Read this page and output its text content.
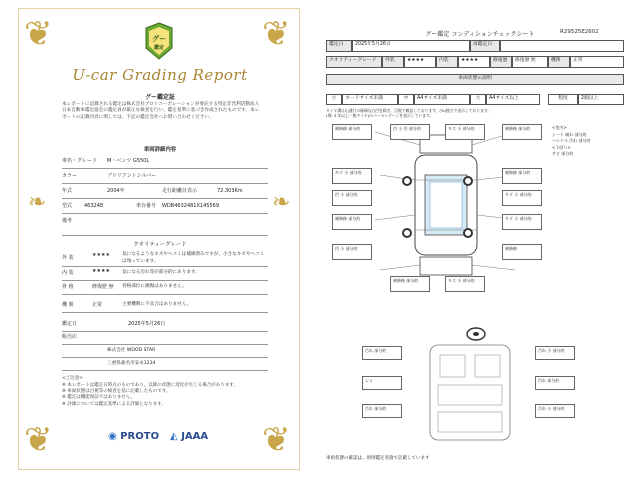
❦	❦
❦	❦
❧	❧
グー
鑑定
U-car Grading Report
グー鑑定証
本レポートに記載される鑑定は株式会社プロトコーポレーションが委託する特定非営利活動法人日本自動車鑑定協会の鑑定員が厳正な検査を行い、鑑定基準に基づき作成されたものです。本レポートの記載内容に関しては、下記の鑑定会社へお問い合わせください。
車両詳細内容
車名・グレード M・ベンツ G550L
カラー	ブリリアントシルバー
年式	2004年	走行距離計表示	72,303Km
型式 463248	車台番号 WDB4632481X145569
備考
クオリティーグレード
外 装	★★★★	気になるようなキズやヘコミは補修済みですが、小さなキズやヘコミは残っています。
内 装	★★★★	気になる汚れ等が部分的にあります。
骨 格	修復歴 無 骨格部位に損傷はありません。
機 関	正常	主要機関に不具合はありません。
鑑定日	2025年5月26日
販売店
株式会社 WOOD STAR
三重県桑名市安永1234
<ご注意>
※ 本レポートは鑑定日時点のものであり、以降の状態に変化が生じる場合があります。
※ 車両状態は目視等の検査を基に記載したものです。
※ 鑑定は機能保証ではありません。
※ 評価については鑑定基準による評価となります。
◉ PROTO ◭ JAAA
グー鑑定 コンディションチェックシート	R29525E2602
鑑定日	2025年5月26日	再鑑定日
クオリティーグレード	外装	★★★★	内装	★★★★	修復歴	修復歴 無	機関	正常
車両状態の説明
小	カードサイズ未満	中	A4サイズ未満	大	A4サイズ以上	程度	2個以上
タイヤ溝は山通行の極端な凸凹を除き、目視で確認しております。(%)後方で表示しております。
(例: 3 年以上一般タイヤ)のパーセンテージを表示しています。
補修跡 部分的	凹 小 凹 部分的	キズ 小 部分的	補修跡 部分的
キズ 小 部分的	補修跡 部分的
凹 小 部分的	キズ 小 部分的
補修跡 部分的	キズ 小 部分的
凹 小 部分的	補修跡
補修跡 部分的	キズ 小 部分的
<室内>
シート 破れ 部分的
ハンドル 汚れ 部分的
<下回り>
サビ 部分的
汚れ 部分的	汚れ 小 部分的
シミ	汚れ 部分的
汚れ 部分的	汚れ 小 部分的
車両状態の確認は、原則鑑定実施で記載しています
